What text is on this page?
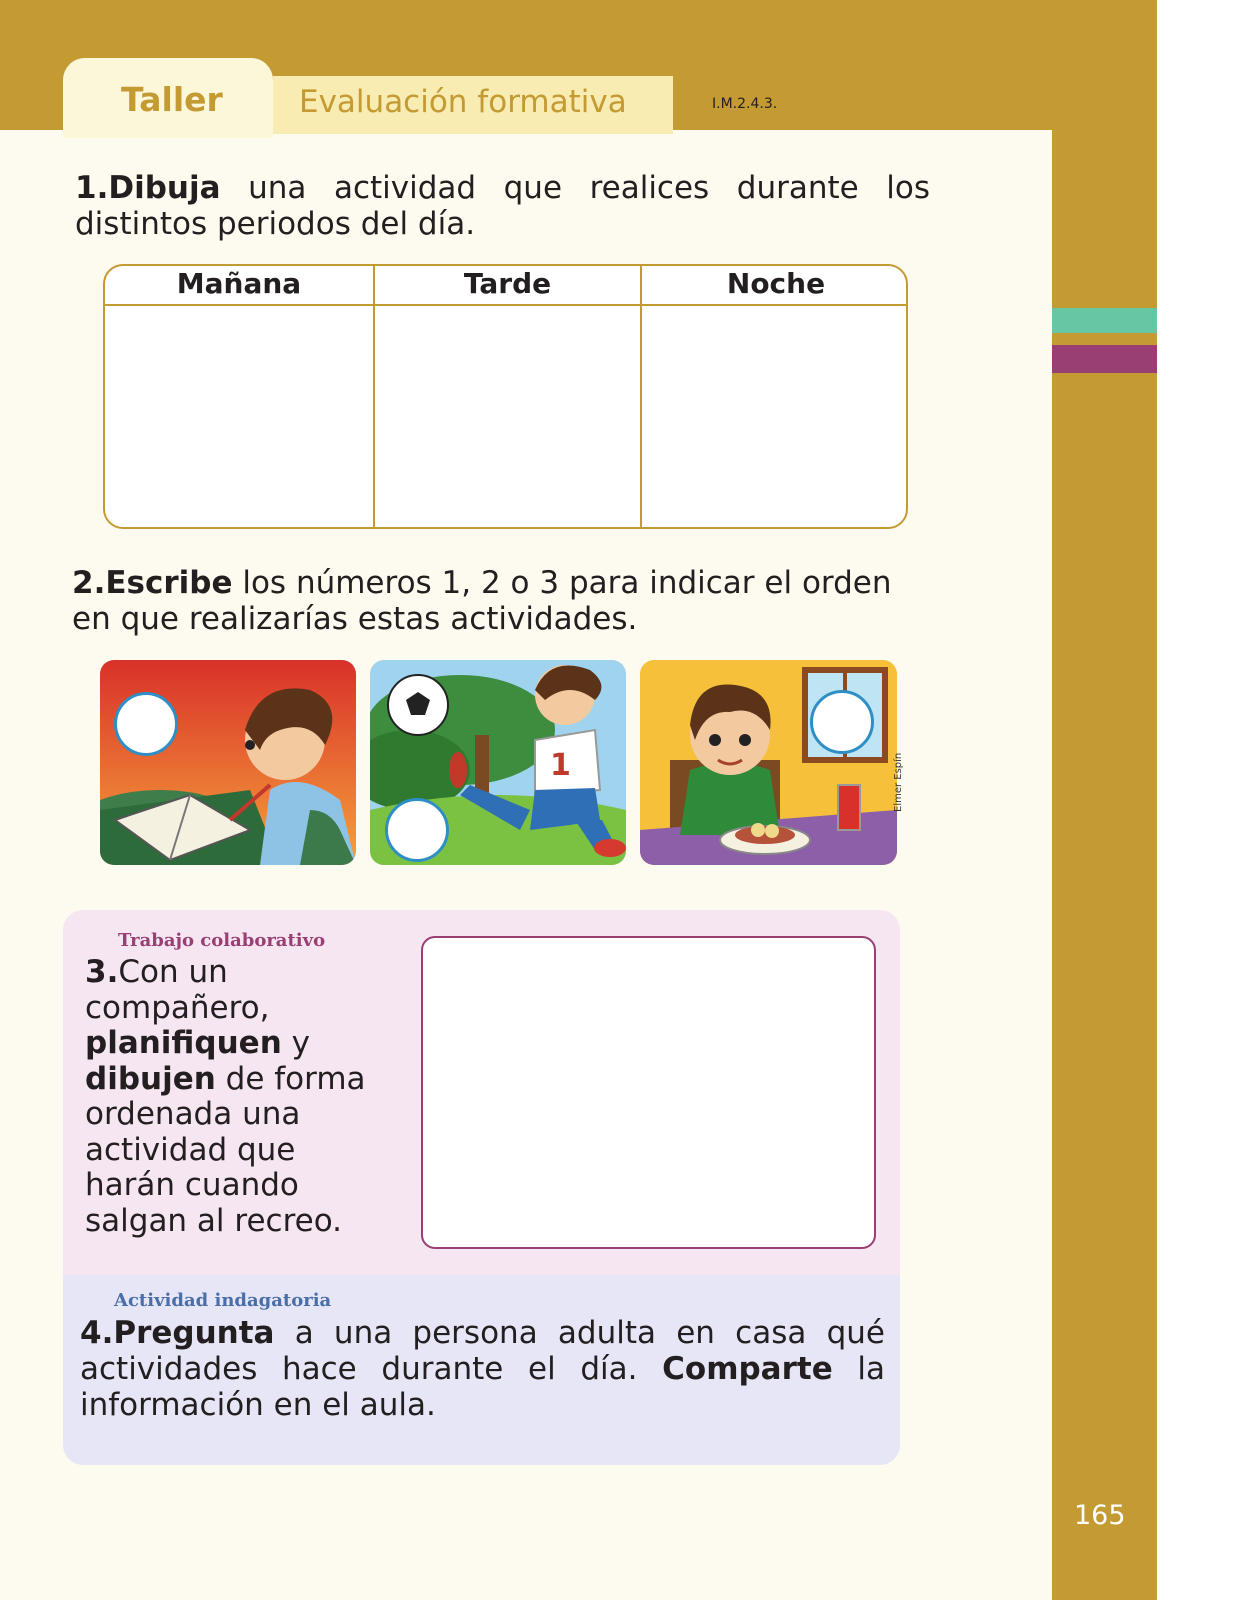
Taller Evaluación formativa	I.M.2.4.3.
1.Dibuja una actividad que realices durante los distintos periodos del día.
Mañana	Tarde	Noche
2.Escribe los números 1, 2 o 3 para indicar el orden en que realizarías estas actividades.
1	Elmer Espín
Trabajo colaborativo
3.Con un compañero, planifiquen y dibujen de forma ordenada una actividad que harán cuando salgan al recreo.
Actividad indagatoria
4.Pregunta a una persona adulta en casa qué actividades hace durante el día. Comparte la información en el aula.
165
